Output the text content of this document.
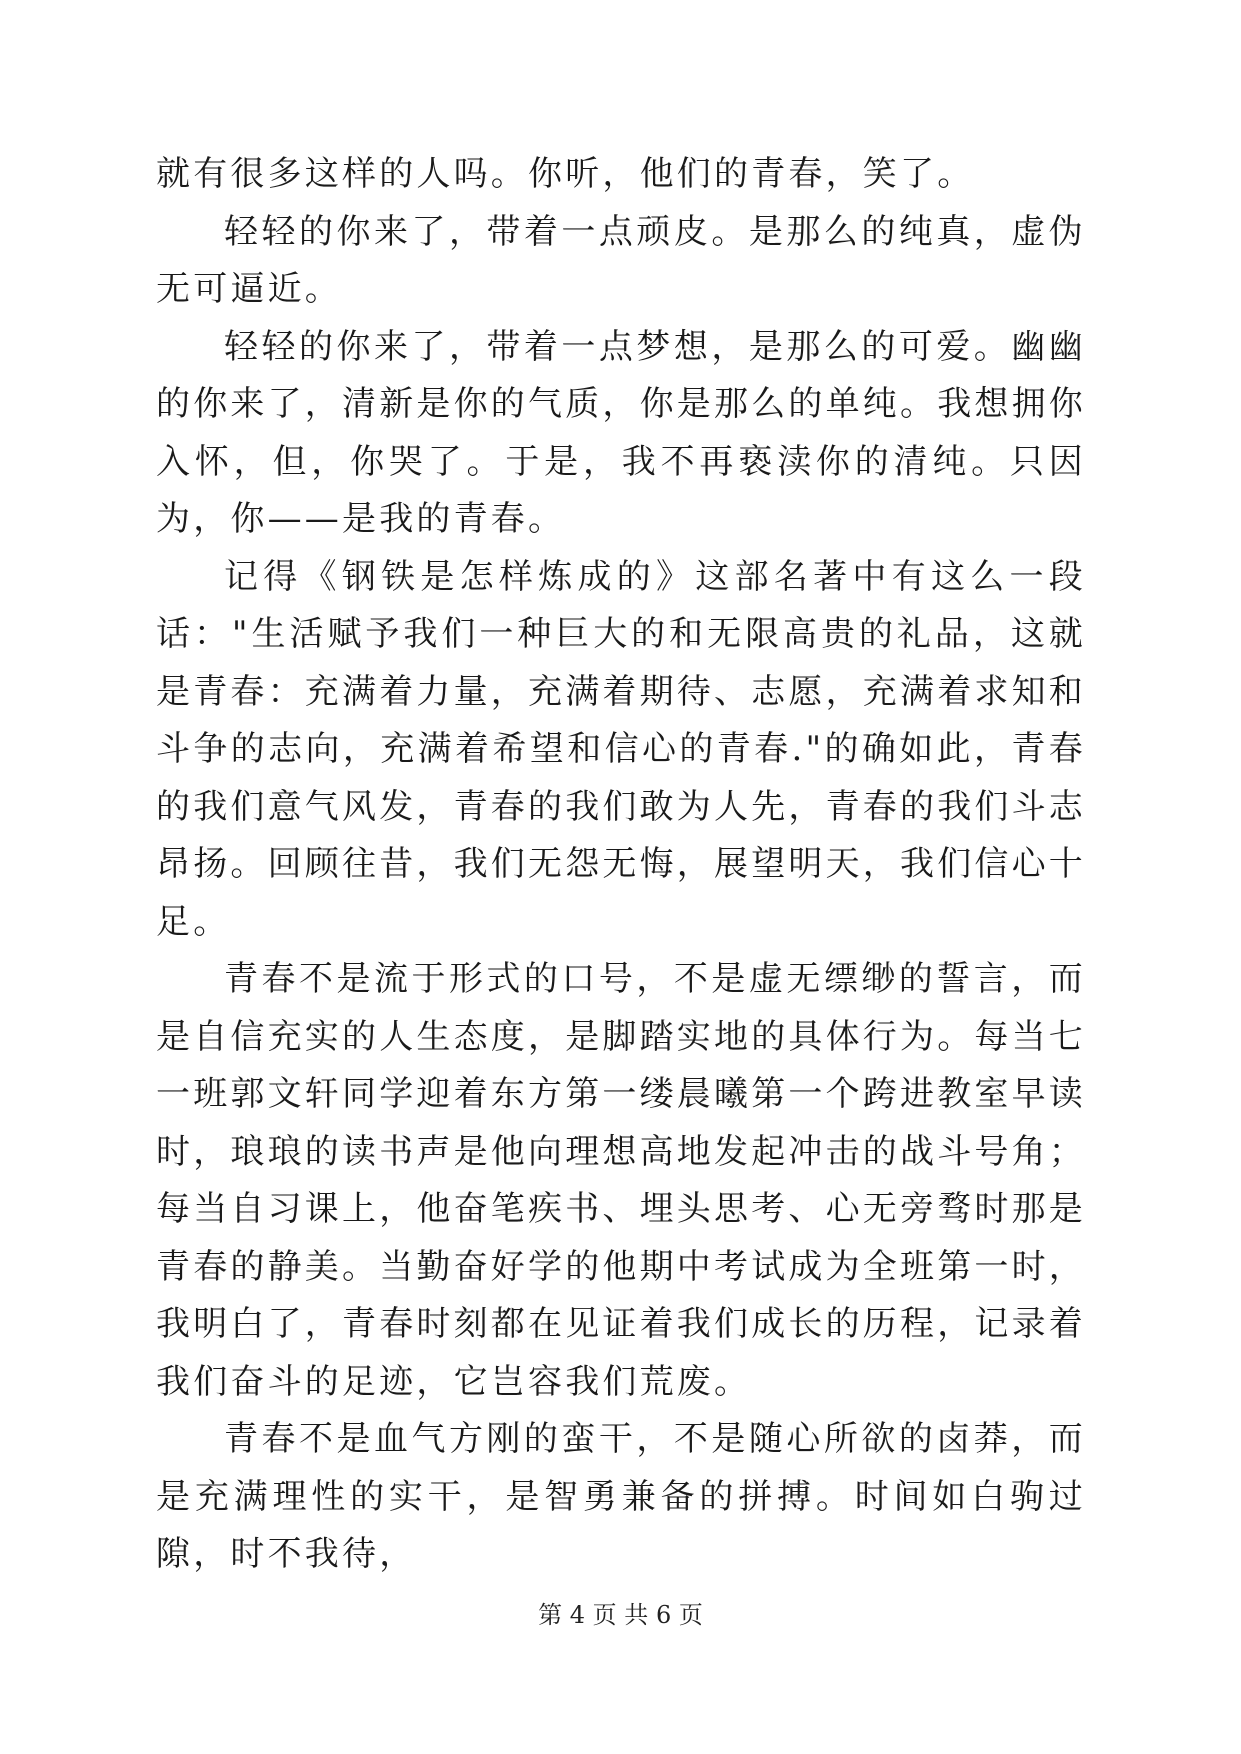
就有很多这样的人吗。你听，他们的青春，笑了。

轻轻的你来了，带着一点顽皮。是那么的纯真，虚伪无可逼近。

轻轻的你来了，带着一点梦想，是那么的可爱。幽幽的你来了，清新是你的气质，你是那么的单纯。我想拥你入怀，但，你哭了。于是，我不再亵渎你的清纯。只因为，你——是我的青春。

记得《钢铁是怎样炼成的》这部名著中有这么一段话："生活赋予我们一种巨大的和无限高贵的礼品，这就是青春：充满着力量，充满着期待、志愿，充满着求知和斗争的志向，充满着希望和信心的青春."的确如此，青春的我们意气风发，青春的我们敢为人先，青春的我们斗志昂扬。回顾往昔，我们无怨无悔，展望明天，我们信心十足。

青春不是流于形式的口号，不是虚无缥缈的誓言，而是自信充实的人生态度，是脚踏实地的具体行为。每当七一班郭文轩同学迎着东方第一缕晨曦第一个跨进教室早读时，琅琅的读书声是他向理想高地发起冲击的战斗号角；每当自习课上，他奋笔疾书、埋头思考、心无旁骛时那是青春的静美。当勤奋好学的他期中考试成为全班第一时，我明白了，青春时刻都在见证着我们成长的历程，记录着我们奋斗的足迹，它岂容我们荒废。

青春不是血气方刚的蛮干，不是随心所欲的卤莽，而是充满理性的实干，是智勇兼备的拼搏。时间如白驹过隙，时不我待，

第 4 页 共 6 页
